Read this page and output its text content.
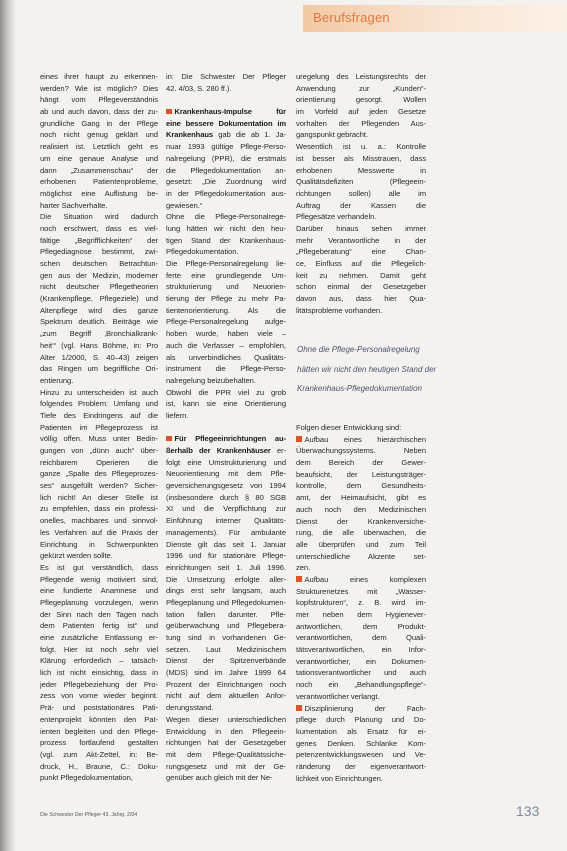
Berufsfragen
eines ihrer haupt zu erkennen-
werden? Wie ist möglich? Dies
hängt vom Pflegeverständnis
ab und auch davon, dass der zu-
grundliche Gang in der Pflege
noch nicht genug geklärt und
realisiert ist. Letztlich geht es
um eine genaue Analyse und
dann „Zusammenschau“ der
erhobenen Patientenprobleme,
möglichst eine Auflistung be-
harter Sachverhalte.
Die Situation wird dadurch
noch erschwert, dass es viel-
fältige „Begrifflichkeiten“ der
Pflegediagnose bestimmt, zwi-
schen deutschen Betrachtun-
gen aus der Medizin, moderner
nicht deutscher Pflegetheorien
(Krankenpflege, Pflegeziele) und
Altenpflege wird dies ganze
Spektrum deutlich. Beiträge wie
„zum Begriff ‚Bronchialkrank-
heit‘“ (vgl. Hans Böhme, in: Pro
Alter 1/2000, S. 40–43) zeigen
das Ringen um begriffliche Ori-
entierung.
Hinzu zu unterscheiden ist auch
folgendes Problem: Umfang und
Tiefe des Eindringens auf die
Patienten im Pflegeprozess ist
völlig offen. Muss unter Bedin-
gungen von „dünn auch“ über-
reichbarem Operieren die
ganze „Spalte des Pflegeprozes-
ses“ ausgefüllt werden? Sicher-
lich nicht! An dieser Stelle ist
zu empfehlen, dass ein professi-
onelles, machbares und sinnvol-
les Verfahren auf die Praxis der
Einrichtung in Schwerpunkten
gekürzt werden sollte.
Es ist gut verständlich, dass
Pflegende wenig motiviert sind,
eine fundierte Anamnese und
Pflegeplanung vorzulegen, wenn
der Sinn nach den Tagen nach
dem Patienten fertig ist“ und
eine zusätzliche Entlassung er-
folgt. Hier ist noch sehr viel
Klärung erforderlich – tatsäch-
lich ist nicht einsichtig, dass in
jeder Pflegebeziehung der Pro-
zess von vorne wieder beginnt.
Prä- und poststationäres Pati-
entenprojekt könnten den Pat-
ienten begleiten und den Pflege-
prozess fortlaufend gestalten
(vgl. zum Akt-Zettel, in: Be-
druck, H., Braune, C.: Doku-
punkt Pflegedokumentation,
in: Die Schwester Der Pfleger
42. 4/03, S. 280 ff.).
Krankenhaus-Impulse für
eine bessere Dokumentation im
Krankenhaus gab die ab 1. Ja-
nuar 1993 gültige Pflege-Perso-
nalregelung (PPR), die erstmals
die Pflegedokumentation an-
gesetzt: „Die Zuordnung wird
in der Pflegedokumentation aus-
gewiesen.“
Ohne die Pflege-Personalrege-
lung hätten wir nicht den heu-
tigen Stand der Krankenhaus-
Pflegedokumentation.
Die Pflege-Personalregelung lie-
ferte eine grundlegende Um-
strukturierung und Neuorien-
tierung der Pflege zu mehr Pa-
tientenorientierung. Als die
Pflege-Personalregelung aufge-
hoben wurde, haben viele –
auch die Verfasser – empfohlen,
als unverbindliches Qualitäts-
instrument die Pflege-Perso-
nalregelung beizubehalten.
Obwohl die PPR viel zu grob
ist, kann sie eine Orientierung
liefern.
Für Pflegeeinrichtungen au-
ßerhalb der Krankenhäuser er-
folgt eine Umstrukturierung und
Neuorientierung mit dem Pfle-
geversicherungsgesetz von 1994
(insbesondere durch § 80 SGB
XI und die Verpflichtung zur
Einführung interner Qualitäts-
managements). Für ambulante
Dienste gilt das seit 1. Januar
1996 und für stationäre Pflege-
einrichtungen seit 1. Juli 1996.
Die Umsetzung erfolgte aller-
dings erst sehr langsam, auch
Pflegeplanung und Pflegedokumen-
tation fallen darunter. Pfle-
geüberwachung und Pflegebera-
tung sind in vorhandenen Ge-
setzen. Laut Medizinischem
Dienst der Spitzenverbände
(MDS) sind im Jahre 1999 64
Prozent der Einrichtungen noch
nicht auf dem aktuellen Anfor-
derungsstand.
Wegen dieser unterschiedlichen
Entwicklung in den Pflegeein-
richtungen hat der Gesetzgeber
mit dem Pflege-Qualitätssiche-
rungsgesetz und mit der Ge-
genüber auch gleich mit der Ne-
uregelung des Leistungsrechts der
Anwendung zur „Kunden“-
orientierung gesorgt. Wollen
im Vorfeld auf jeden Gesetze
vorhalten der Pflegenden Aus-
gangspunkt gebracht.
Wesentlich ist u. a.: Kontrolle
ist besser als Misstrauen, dass
erhobenen Messwerte in
Qualitätsdefiziten (Pflegeein-
richtungen sollen) alle im
Auftrag der Kassen die
Pflegesätze verhandeln.
Darüber hinaus sehen immer
mehr Verantwortliche in der
„Pflegeberatung“ eine Chan-
ce, Einfluss auf die Pflegelich-
keit zu nehmen. Damit geht
schon einmal der Gesetzgeber
davon aus, dass hier Qua-
litätsprobleme vorhanden.
Ohne die Pflege-Personalregelung
hätten wir nicht den heutigen Stand der
Krankenhaus-Pflegedokumentation
Folgen dieser Entwicklung sind:
Aufbau eines hierarchischen
Überwachungssystems. Neben
dem Bereich der Gewer-
beaufsicht, der Leistungsträger-
kontrolle, dem Gesundheits-
amt, der Heimaufsicht, gibt es
auch noch den Medizinischen
Dienst der Krankenversiche-
rung, die alle überwachen, die
alle überprüfen und zum Teil
unterschiedliche Akzente set-
zen.
Aufbau eines komplexen
Strukturenetzes mit „Wasser-
kopfstrukturen“, z. B. wird im-
mer neben dem Hygienever-
antwortlichen, dem Produkt-
verantwortlichen, dem Quali-
tätsverantwortlichen, ein Infor-
verantwortlicher, ein Dokumen-
tationsverantwortlicher und auch
noch ein „Behandlungspflege“-
verantwortlicher verlangt.
Disziplinierung der Fach-
pflege durch Planung und Do-
kumentation als Ersatz für ei-
genes Denken. Schlanke Kom-
petenzentwicklungswesen und Ve-
ränderung der eigenverantwort-
lichkeit von Einrichtungen.
Die Schwester Der Pfleger 43. Jahrg. 2/04	133
